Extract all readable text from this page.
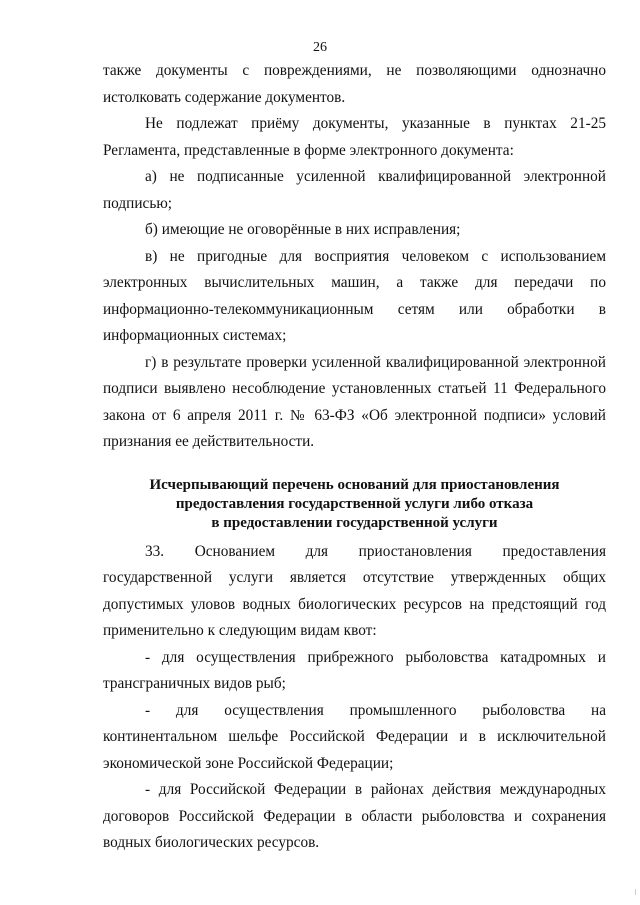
26

также документы с повреждениями, не позволяющими однозначно истолковать содержание документов.

Не подлежат приёму документы, указанные в пунктах 21-25 Регламента, представленные в форме электронного документа:

а) не подписанные усиленной квалифицированной электронной подписью;

б) имеющие не оговорённые в них исправления;

в) не пригодные для восприятия человеком с использованием электронных вычислительных машин, а также для передачи по информационно-телекоммуникационным сетям или обработки в информационных системах;

г) в результате проверки усиленной квалифицированной электронной подписи выявлено несоблюдение установленных статьей 11 Федерального закона от 6 апреля 2011 г. № 63-ФЗ «Об электронной подписи» условий признания ее действительности.

Исчерпывающий перечень оснований для приостановления
предоставления государственной услуги либо отказа
в предоставлении государственной услуги

33. Основанием для приостановления предоставления государственной услуги является отсутствие утвержденных общих допустимых уловов водных биологических ресурсов на предстоящий год применительно к следующим видам квот:

- для осуществления прибрежного рыболовства катадромных и трансграничных видов рыб;

- для осуществления промышленного рыболовства на континентальном шельфе Российской Федерации и в исключительной экономической зоне Российской Федерации;

- для Российской Федерации в районах действия международных договоров Российской Федерации в области рыболовства и сохранения водных биологических ресурсов.
